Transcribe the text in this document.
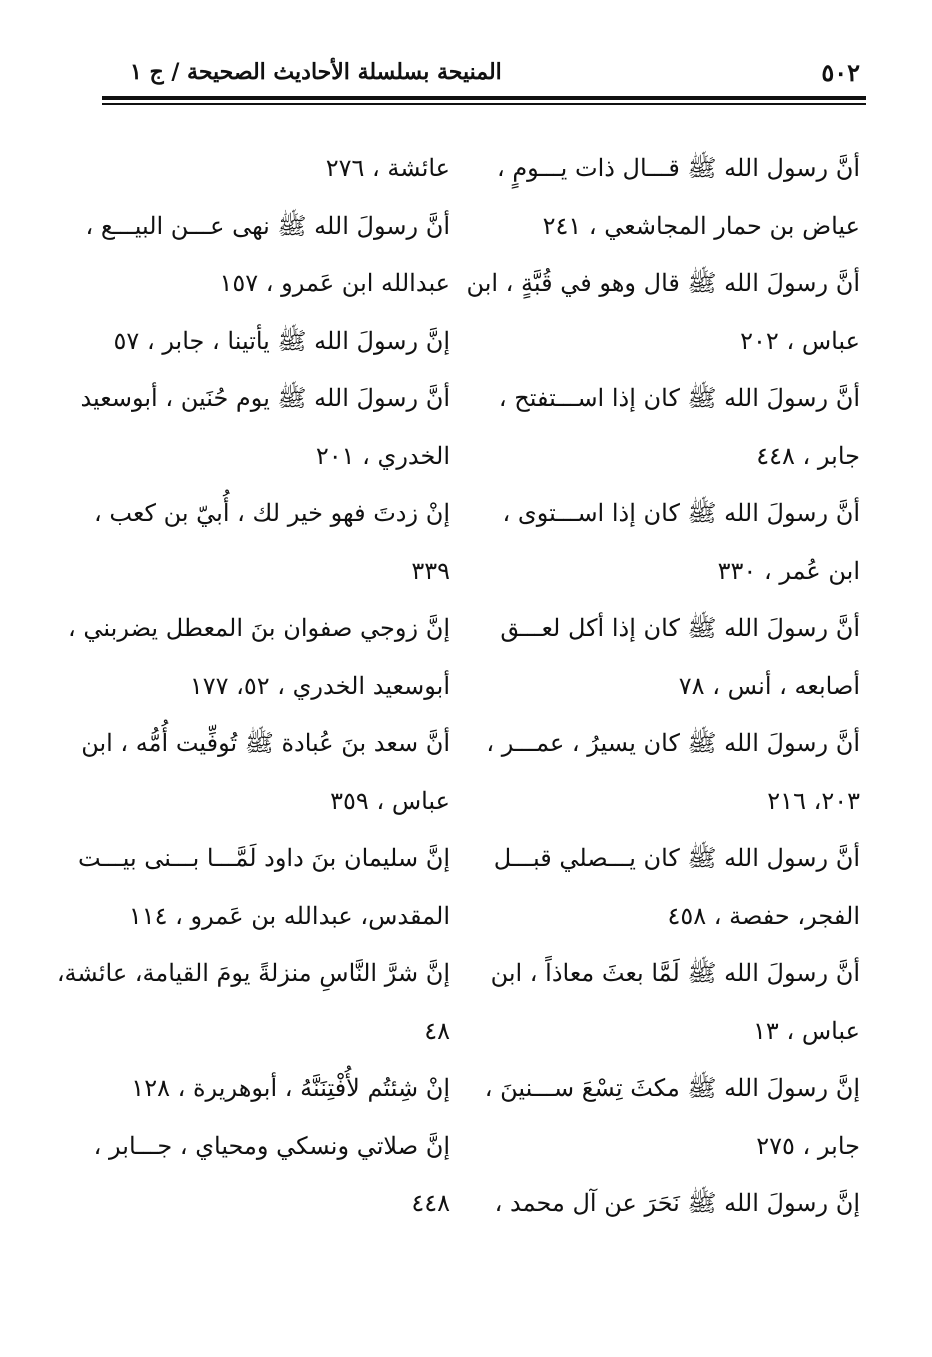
٥٠٢
المنيحة بسلسلة الأحاديث الصحيحة / ج ١
أنَّ رسول الله ﷺ قـــال ذات يـــومٍ ،
عياض بن حمار المجاشعي ، ٢٤١
أنَّ رسولَ الله ﷺ قال وهو في قُبَّةٍ ، ابن
عباس ، ٢٠٢
أنَّ رسولَ الله ﷺ كان إذا اســـتفتح ،
جابر ، ٤٤٨
أنَّ رسولَ الله ﷺ كان إذا اســـتوى ،
ابن عُمر ، ٣٣٠
أنَّ رسولَ الله ﷺ كان إذا أكل لعـــق
أصابعه ، أنس ، ٧٨
أنَّ رسولَ الله ﷺ كان يسيرُ ، عمـــر ،
٢٠٣، ٢١٦
أنَّ رسول الله ﷺ كان يـــصلي قبـــل
الفجر، حفصة ، ٤٥٨
أنَّ رسولَ الله ﷺ لَمَّا بعثَ معاذاً ، ابن
عباس ، ١٣
إنَّ رسولَ الله ﷺ مكثَ تِسْعَ ســـنينَ ،
جابر ، ٢٧٥
إنَّ رسولَ الله ﷺ نَحَرَ عن آل محمد ،
عائشة ، ٢٧٦
أنَّ رسولَ الله ﷺ نهى عـــن البيـــع ،
عبدالله ابن عَمرو ، ١٥٧
إنَّ رسولَ الله ﷺ يأتينا ، جابر ، ٥٧
أنَّ رسولَ الله ﷺ يوم حُنَين ، أبوسعيد
الخدري ، ٢٠١
إنْ زدتَ فهو خير لك ، أُبيّ بن كعب ،
٣٣٩
إنَّ زوجي صفوان بنَ المعطل يضربني ،
أبوسعيد الخدري ، ٥٢، ١٧٧
أنَّ سعد بنَ عُبادة ﷺ تُوفِّيت أُمُّه ، ابن
عباس ، ٣٥٩
إنَّ سليمان بنَ داود لَمَّـــا بـــنى بيـــت
المقدس، عبدالله بن عَمرو ، ١١٤
إنَّ شرَّ النَّاسِ منزلةً يومَ القيامة، عائشة،
٤٨
إنْ شِئتُم لأُفْتِنَنَّهُ ، أبوهريرة ، ١٢٨
إنَّ صلاتي ونسكي ومحياي ، جـــابر ،
٤٤٨
